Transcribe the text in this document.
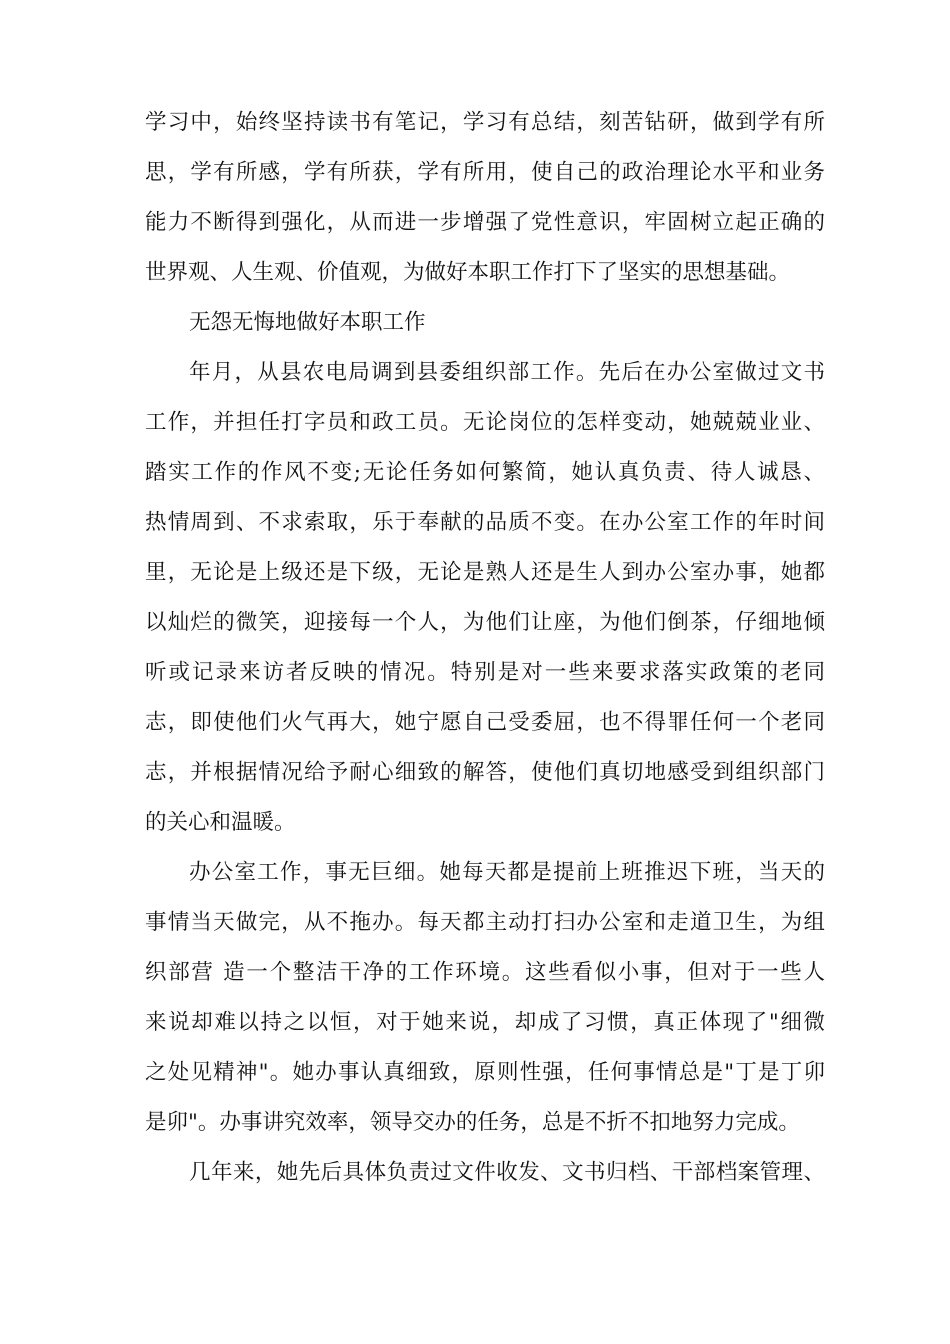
学习中，始终坚持读书有笔记，学习有总结，刻苦钻研，做到学有所
思，学有所感，学有所获，学有所用，使自己的政治理论水平和业务
能力不断得到强化，从而进一步增强了党性意识，牢固树立起正确的
世界观、人生观、价值观，为做好本职工作打下了坚实的思想基础。
无怨无悔地做好本职工作
年月，从县农电局调到县委组织部工作。先后在办公室做过文书
工作，并担任打字员和政工员。无论岗位的怎样变动，她兢兢业业、
踏实工作的作风不变;无论任务如何繁简，她认真负责、待人诚恳、
热情周到、不求索取，乐于奉献的品质不变。在办公室工作的年时间
里，无论是上级还是下级，无论是熟人还是生人到办公室办事，她都
以灿烂的微笑，迎接每一个人，为他们让座，为他们倒茶，仔细地倾
听或记录来访者反映的情况。特别是对一些来要求落实政策的老同
志，即使他们火气再大，她宁愿自己受委屈，也不得罪任何一个老同
志，并根据情况给予耐心细致的解答，使他们真切地感受到组织部门
的关心和温暖。
办公室工作，事无巨细。她每天都是提前上班推迟下班，当天的
事情当天做完，从不拖办。每天都主动打扫办公室和走道卫生，为组
织部营 造一个整洁干净的工作环境。这些看似小事，但对于一些人
来说却难以持之以恒，对于她来说，却成了习惯，真正体现了"细微
之处见精神"。她办事认真细致，原则性强，任何事情总是"丁是丁卯
是卯"。办事讲究效率，领导交办的任务，总是不折不扣地努力完成。
几年来，她先后具体负责过文件收发、文书归档、干部档案管理、
